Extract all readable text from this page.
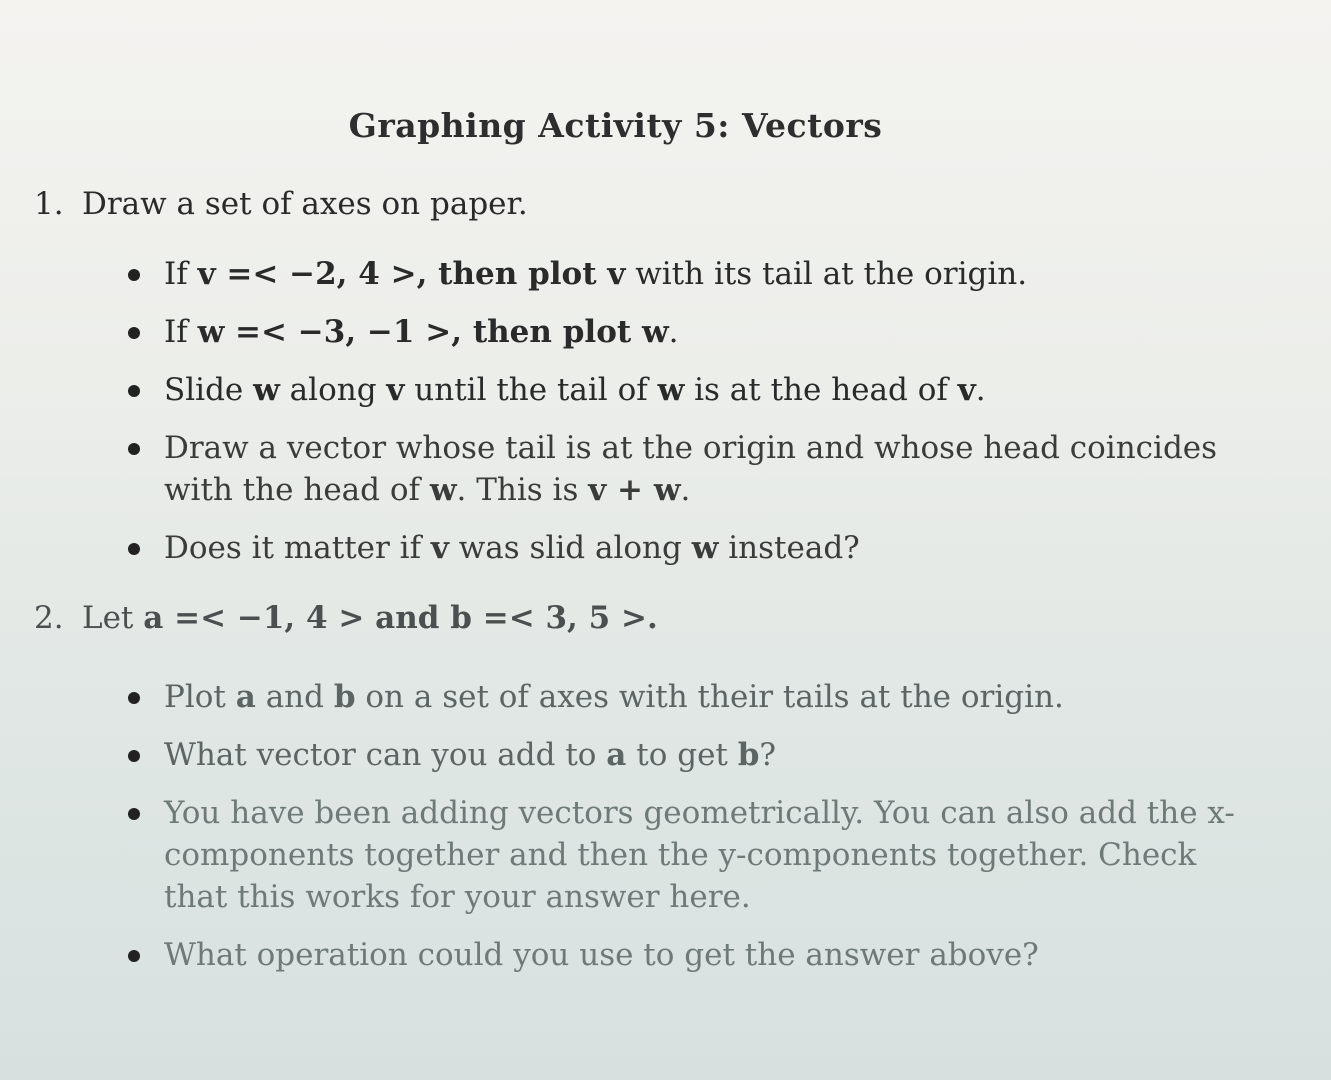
Graphing Activity 5: Vectors
1. Draw a set of axes on paper.
If v =< −2, 4 >, then plot v with its tail at the origin.
If w =< −3, −1 >, then plot w.
Slide w along v until the tail of w is at the head of v.
Draw a vector whose tail is at the origin and whose head coincides with the head of w. This is v + w.
Does it matter if v was slid along w instead?
2. Let a =< −1, 4 > and b =< 3, 5 >.
Plot a and b on a set of axes with their tails at the origin.
What vector can you add to a to get b?
You have been adding vectors geometrically. You can also add the x-components together and then the y-components together. Check that this works for your answer here.
What operation could you use to get the answer above?
